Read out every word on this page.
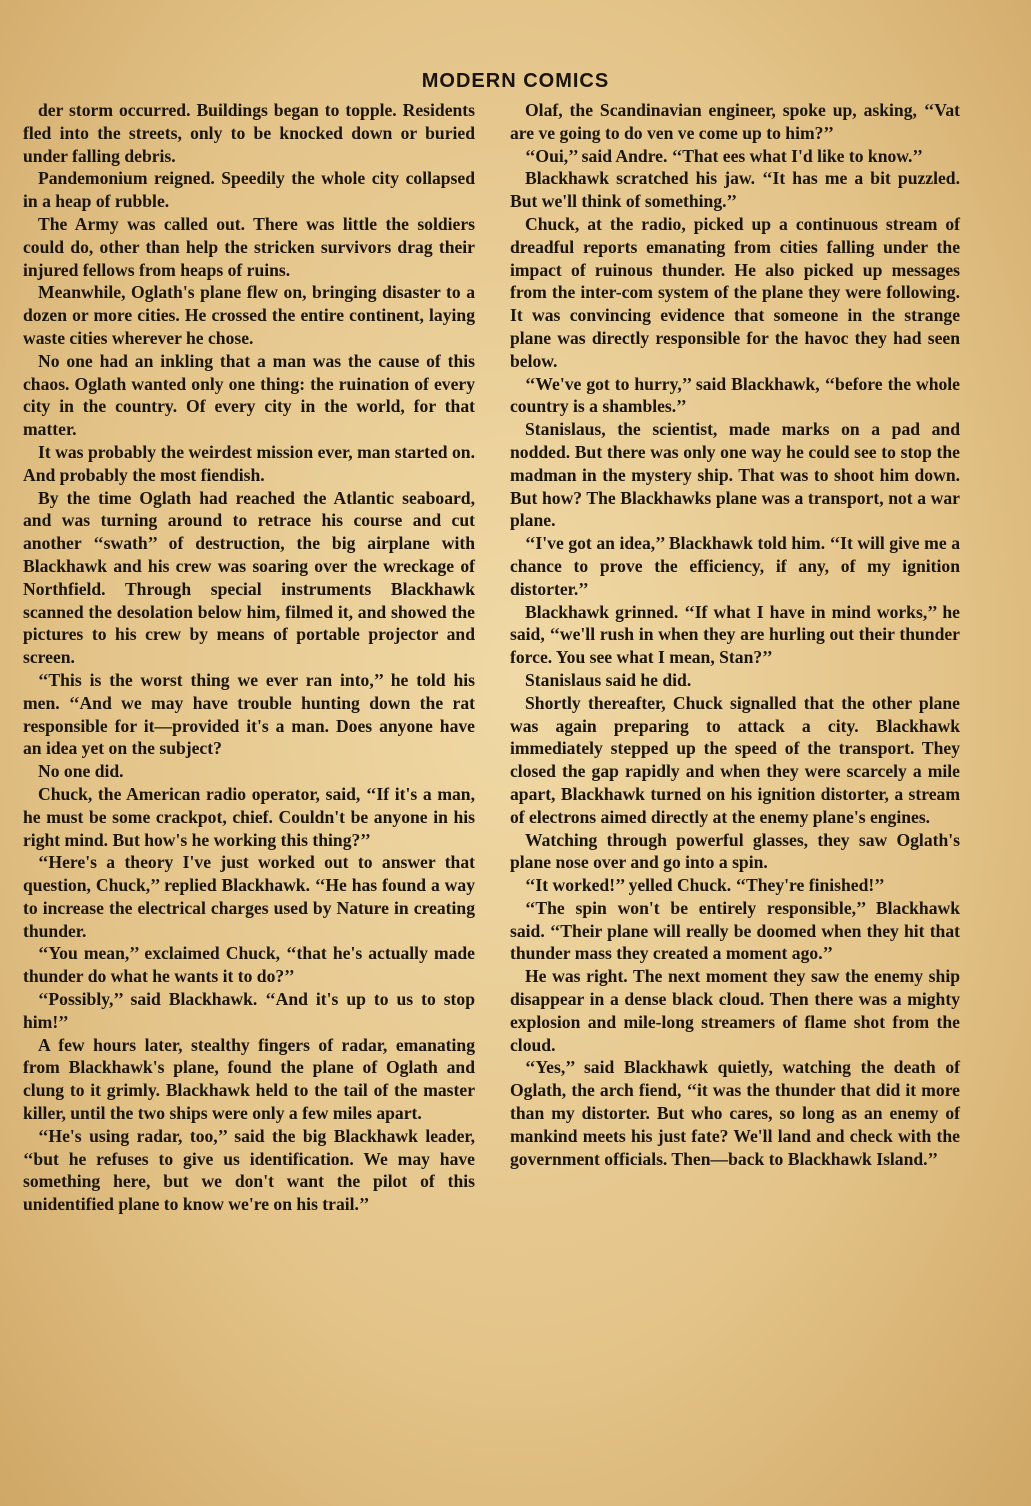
MODERN COMICS

der storm occurred. Buildings began to topple. Residents fled into the streets, only to be knocked down or buried under falling debris.

Pandemonium reigned. Speedily the whole city collapsed in a heap of rubble.

The Army was called out. There was little the soldiers could do, other than help the stricken survivors drag their injured fellows from heaps of ruins.

Meanwhile, Oglath's plane flew on, bringing disaster to a dozen or more cities. He crossed the entire continent, laying waste cities wherever he chose.

No one had an inkling that a man was the cause of this chaos. Oglath wanted only one thing: the ruination of every city in the country. Of every city in the world, for that matter.

It was probably the weirdest mission ever, man started on. And probably the most fiendish.

By the time Oglath had reached the Atlantic seaboard, and was turning around to retrace his course and cut another ‘‘swath’’ of destruction, the big airplane with Blackhawk and his crew was soaring over the wreckage of Northfield. Through special instruments Blackhawk scanned the desolation below him, filmed it, and showed the pictures to his crew by means of portable projector and screen.

‘‘This is the worst thing we ever ran into,’’ he told his men. ‘‘And we may have trouble hunting down the rat responsible for it—provided it's a man. Does anyone have an idea yet on the subject?

No one did.

Chuck, the American radio operator, said, ‘‘If it's a man, he must be some crackpot, chief. Couldn't be anyone in his right mind. But how's he working this thing?’’

‘‘Here's a theory I've just worked out to answer that question, Chuck,’’ replied Blackhawk. ‘‘He has found a way to increase the electrical charges used by Nature in creating thunder.

‘‘You mean,’’ exclaimed Chuck, ‘‘that he's actually made thunder do what he wants it to do?’’

‘‘Possibly,’’ said Blackhawk. ‘‘And it's up to us to stop him!’’

A few hours later, stealthy fingers of radar, emanating from Blackhawk's plane, found the plane of Oglath and clung to it grimly. Blackhawk held to the tail of the master killer, until the two ships were only a few miles apart.

‘‘He's using radar, too,’’ said the big Blackhawk leader, ‘‘but he refuses to give us identification. We may have something here, but we don't want the pilot of this unidentified plane to know we're on his trail.’’

Olaf, the Scandinavian engineer, spoke up, asking, ‘‘Vat are ve going to do ven ve come up to him?’’

‘‘Oui,’’ said Andre. ‘‘That ees what I'd like to know.’’

Blackhawk scratched his jaw. ‘‘It has me a bit puzzled. But we'll think of something.’’

Chuck, at the radio, picked up a continuous stream of dreadful reports emanating from cities falling under the impact of ruinous thunder. He also picked up messages from the inter-com system of the plane they were following. It was convincing evidence that someone in the strange plane was directly responsible for the havoc they had seen below.

‘‘We've got to hurry,’’ said Blackhawk, ‘‘before the whole country is a shambles.’’

Stanislaus, the scientist, made marks on a pad and nodded. But there was only one way he could see to stop the madman in the mystery ship. That was to shoot him down. But how? The Blackhawks plane was a transport, not a war plane.

‘‘I've got an idea,’’ Blackhawk told him. ‘‘It will give me a chance to prove the efficiency, if any, of my ignition distorter.’’

Blackhawk grinned. ‘‘If what I have in mind works,’’ he said, ‘‘we'll rush in when they are hurling out their thunder force. You see what I mean, Stan?’’

Stanislaus said he did.

Shortly thereafter, Chuck signalled that the other plane was again preparing to attack a city. Blackhawk immediately stepped up the speed of the transport. They closed the gap rapidly and when they were scarcely a mile apart, Blackhawk turned on his ignition distorter, a stream of electrons aimed directly at the enemy plane's engines.

Watching through powerful glasses, they saw Oglath's plane nose over and go into a spin.

‘‘It worked!’’ yelled Chuck. ‘‘They're finished!’’

‘‘The spin won't be entirely responsible,’’ Blackhawk said. ‘‘Their plane will really be doomed when they hit that thunder mass they created a moment ago.’’

He was right. The next moment they saw the enemy ship disappear in a dense black cloud. Then there was a mighty explosion and mile-long streamers of flame shot from the cloud.

‘‘Yes,’’ said Blackhawk quietly, watching the death of Oglath, the arch fiend, ‘‘it was the thunder that did it more than my distorter. But who cares, so long as an enemy of mankind meets his just fate? We'll land and check with the government officials. Then—back to Blackhawk Island.’’
